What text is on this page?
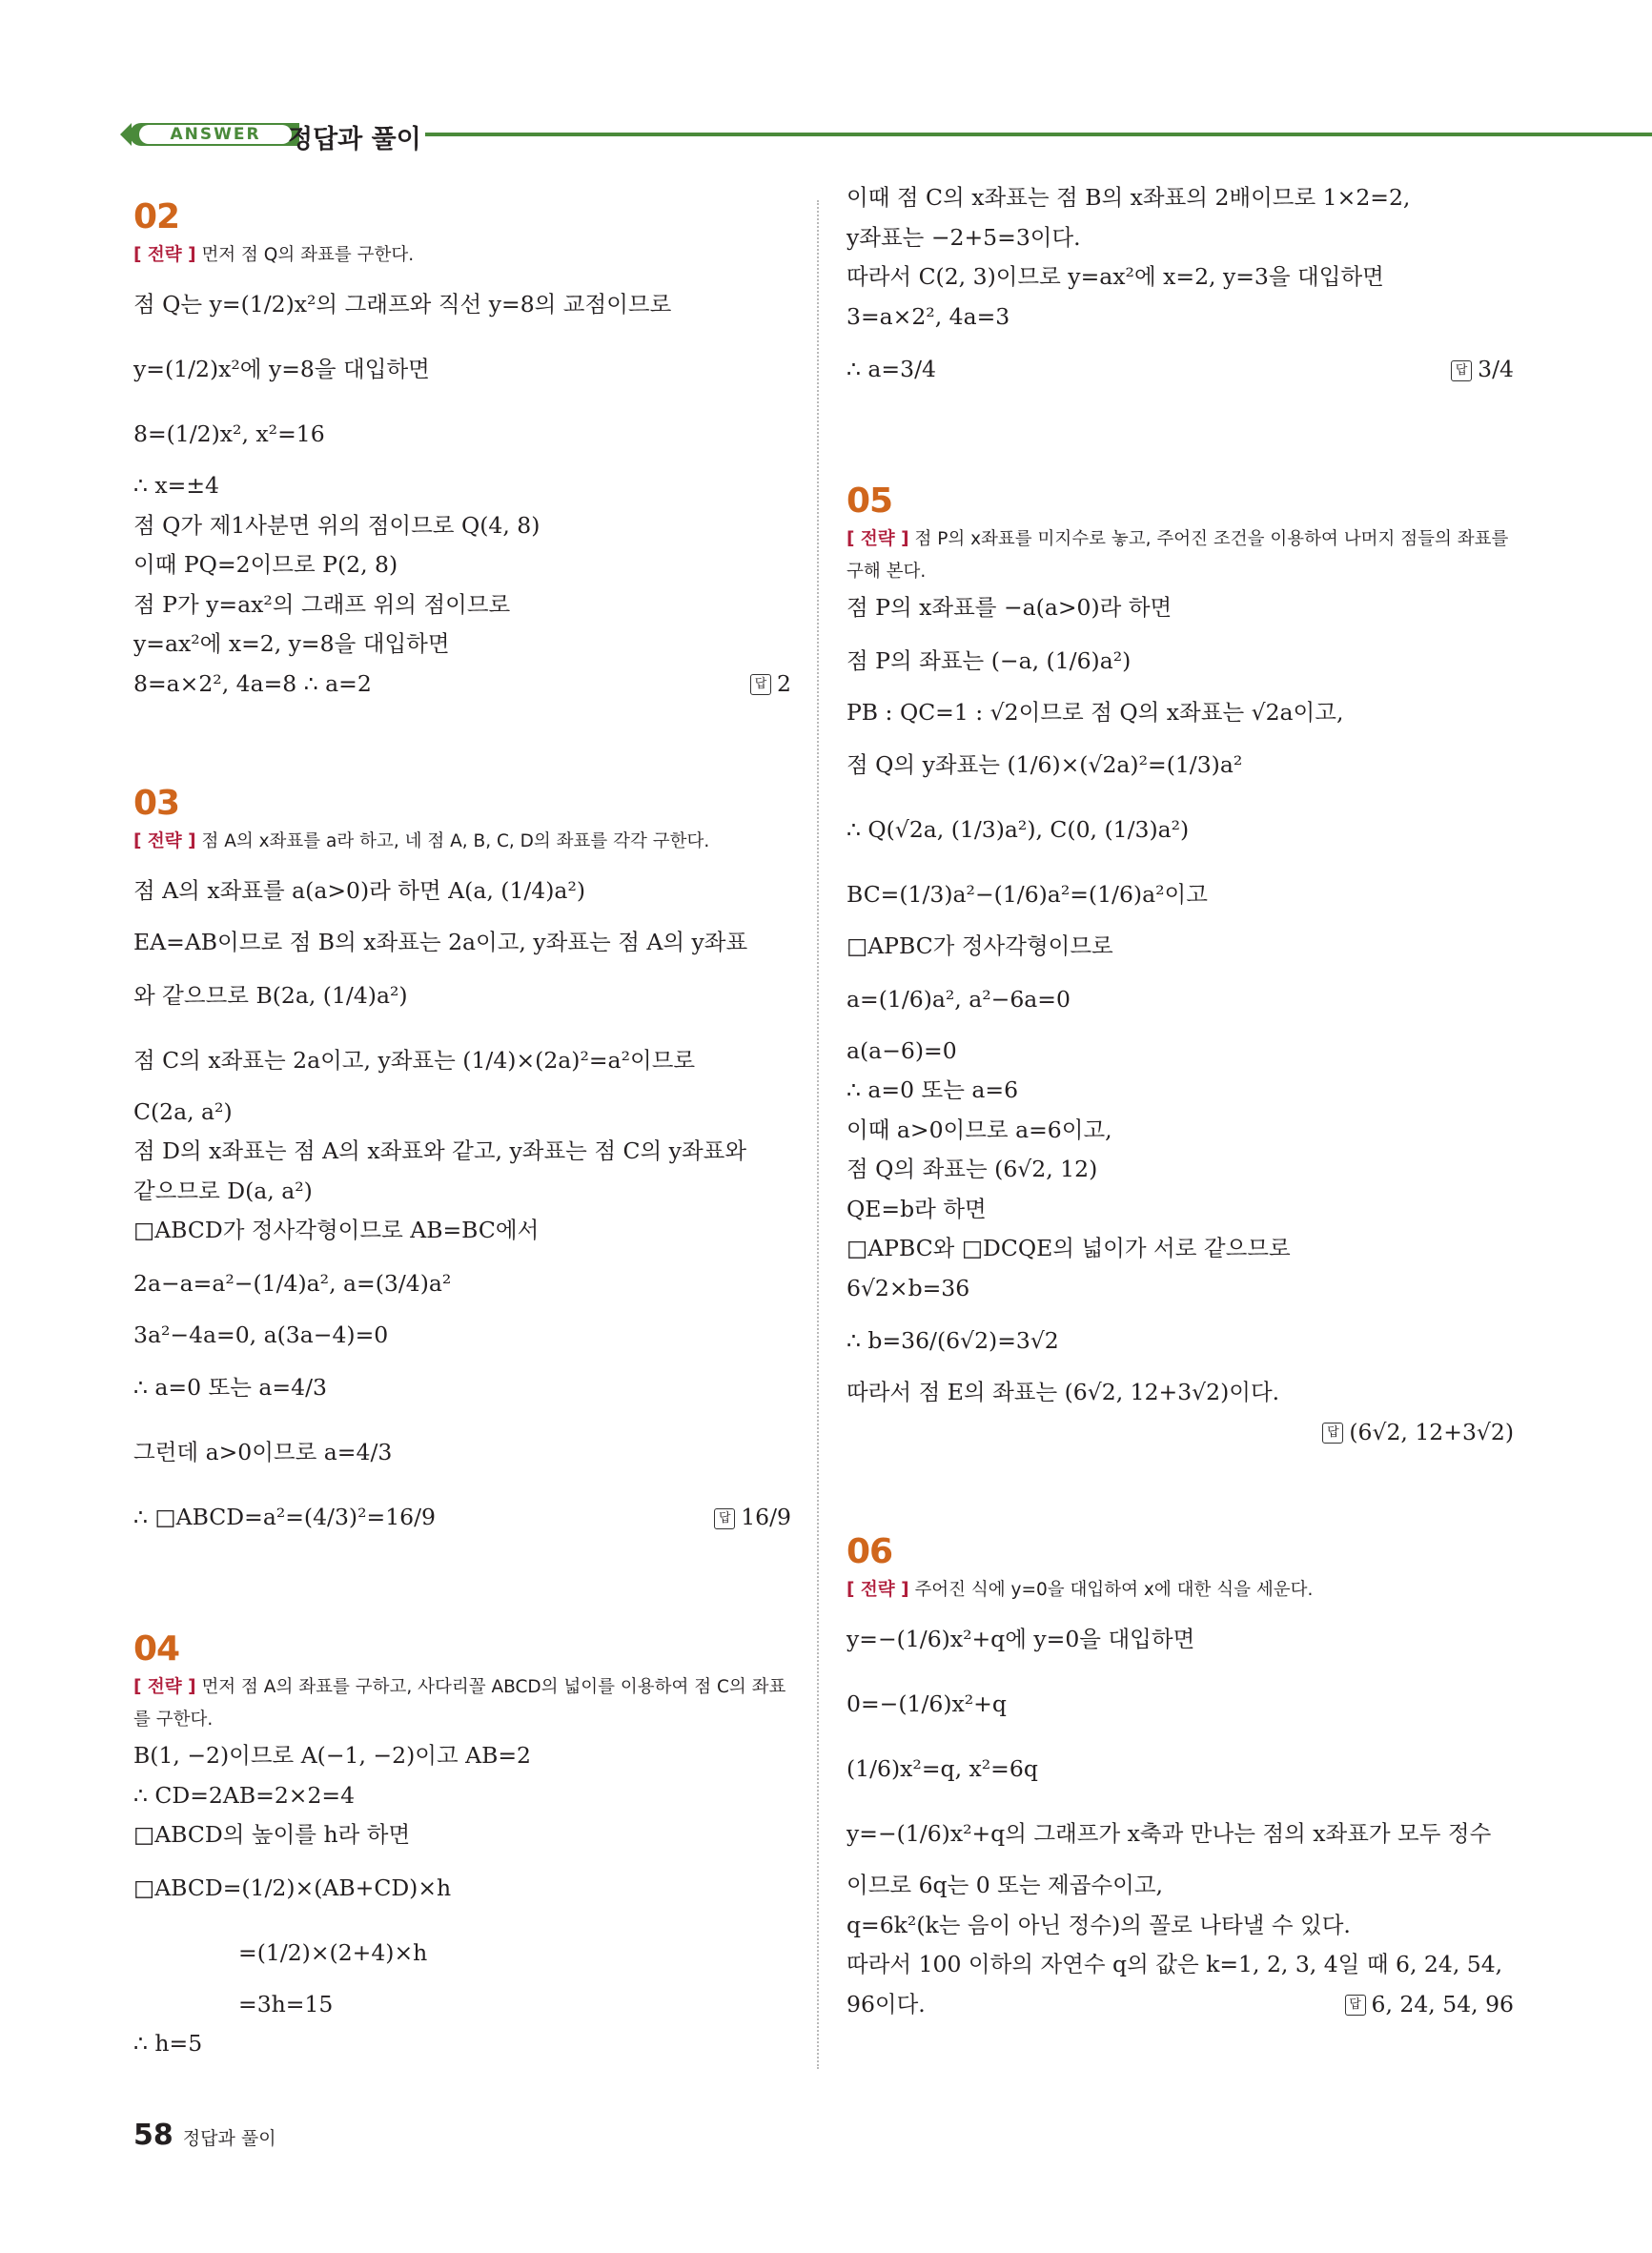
ANSWER	정답과 풀이
02
[ 전략 ] 먼저 점 Q의 좌표를 구한다.
점 Q는 y=(1/2)x²의 그래프와 직선 y=8의 교점이므로
y=(1/2)x²에 y=8을 대입하면
8=(1/2)x², x²=16
∴ x=±4
점 Q가 제1사분면 위의 점이므로 Q(4, 8)
이때 PQ=2이므로 P(2, 8)
점 P가 y=ax²의 그래프 위의 점이므로
y=ax²에 x=2, y=8을 대입하면
8=a×2², 4a=8 ∴ a=2	답 2
03
[ 전략 ] 점 A의 x좌표를 a라 하고, 네 점 A, B, C, D의 좌표를 각각 구한다.
점 A의 x좌표를 a(a>0)라 하면 A(a, (1/4)a²)
EA=AB이므로 점 B의 x좌표는 2a이고, y좌표는 점 A의 y좌표
와 같으므로 B(2a, (1/4)a²)
점 C의 x좌표는 2a이고, y좌표는 (1/4)×(2a)²=a²이므로
C(2a, a²)
점 D의 x좌표는 점 A의 x좌표와 같고, y좌표는 점 C의 y좌표와
같으므로 D(a, a²)
□ABCD가 정사각형이므로 AB=BC에서
2a−a=a²−(1/4)a², a=(3/4)a²
3a²−4a=0, a(3a−4)=0
∴ a=0 또는 a=4/3
그런데 a>0이므로 a=4/3
∴ □ABCD=a²=(4/3)²=16/9	답 16/9
04
[ 전략 ] 먼저 점 A의 좌표를 구하고, 사다리꼴 ABCD의 넓이를 이용하여 점 C의 좌표를 구한다.
B(1, −2)이므로 A(−1, −2)이고 AB=2
∴ CD=2AB=2×2=4
□ABCD의 높이를 h라 하면
□ABCD=(1/2)×(AB+CD)×h
=(1/2)×(2+4)×h
=3h=15
∴ h=5
이때 점 C의 x좌표는 점 B의 x좌표의 2배이므로 1×2=2,
y좌표는 −2+5=3이다.
따라서 C(2, 3)이므로 y=ax²에 x=2, y=3을 대입하면
3=a×2², 4a=3
∴ a=3/4	답 3/4
05
[ 전략 ] 점 P의 x좌표를 미지수로 놓고, 주어진 조건을 이용하여 나머지 점들의 좌표를 구해 본다.
점 P의 x좌표를 −a(a>0)라 하면
점 P의 좌표는 (−a, (1/6)a²)
PB : QC=1 : √2이므로 점 Q의 x좌표는 √2a이고,
점 Q의 y좌표는 (1/6)×(√2a)²=(1/3)a²
∴ Q(√2a, (1/3)a²), C(0, (1/3)a²)
BC=(1/3)a²−(1/6)a²=(1/6)a²이고
□APBC가 정사각형이므로
a=(1/6)a², a²−6a=0
a(a−6)=0
∴ a=0 또는 a=6
이때 a>0이므로 a=6이고,
점 Q의 좌표는 (6√2, 12)
QE=b라 하면
□APBC와 □DCQE의 넓이가 서로 같으므로
6√2×b=36
∴ b=36/(6√2)=3√2
따라서 점 E의 좌표는 (6√2, 12+3√2)이다.
답 (6√2, 12+3√2)
06
[ 전략 ] 주어진 식에 y=0을 대입하여 x에 대한 식을 세운다.
y=−(1/6)x²+q에 y=0을 대입하면
0=−(1/6)x²+q
(1/6)x²=q, x²=6q
y=−(1/6)x²+q의 그래프가 x축과 만나는 점의 x좌표가 모두 정수
이므로 6q는 0 또는 제곱수이고,
q=6k²(k는 음이 아닌 정수)의 꼴로 나타낼 수 있다.
따라서 100 이하의 자연수 q의 값은 k=1, 2, 3, 4일 때 6, 24, 54,
96이다.	답 6, 24, 54, 96
58 정답과 풀이
